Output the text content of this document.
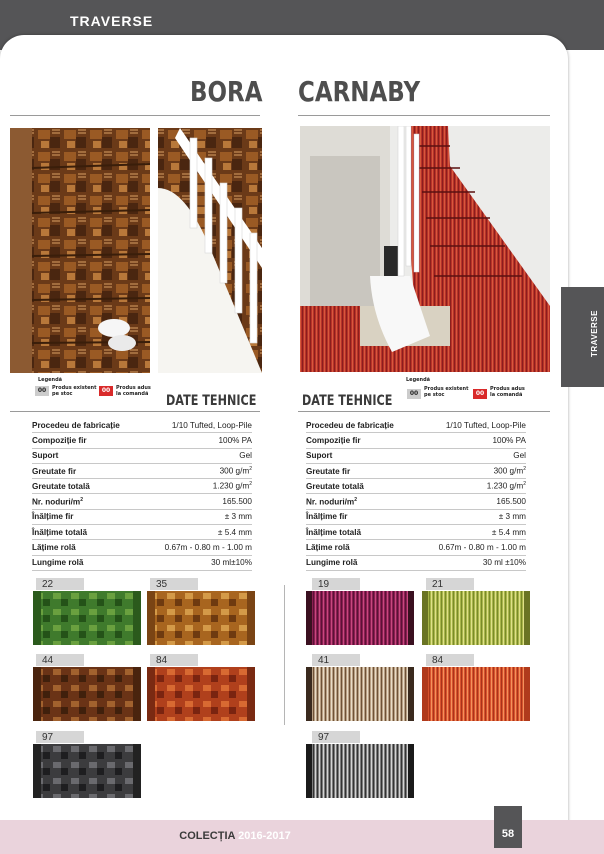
TRAVERSE
TRAVERSE
BORA
Legendă
00	Produs existent
pe stoc	00	Produs adus
la comandă DATE TEHNICE
Procedeu de fabricație	1/10 Tufted, Loop-Pile
Compoziție fir	100% PA
Suport	Gel
Greutate fir	300 $g/m^2$
Greutate totală	1.230 $g/m^2$
Nr. noduri/$m^2$	165.500
Înălțime fir	± 3 mm
Înălțime totală	± 5.4 mm
Lățime rolă	0.67m - 0.80 m - 1.00 m
Lungime rolă	30 ml±10%
22	35
44	84
97
CARNABY
Legendă
00
Produs existent
pe stoc	00
Produs adus
la comandă
DATE TEHNICE
Procedeu de fabricație	1/10 Tufted, Loop-Pile
Compoziție fir	100% PA
Suport	Gel
Greutate fir	300 $g/m^2$
Greutate totală	1.230 $g/m^2$
Nr. noduri/$m^2$	165.500
Înălțime fir	± 3 mm
Înălțime totală	± 5.4 mm
Lățime rolă	0.67m - 0.80 m - 1.00 m
Lungime rolă	30 ml ±10%
19	21
41	84
97
COLECȚIA 2016-2017	58
